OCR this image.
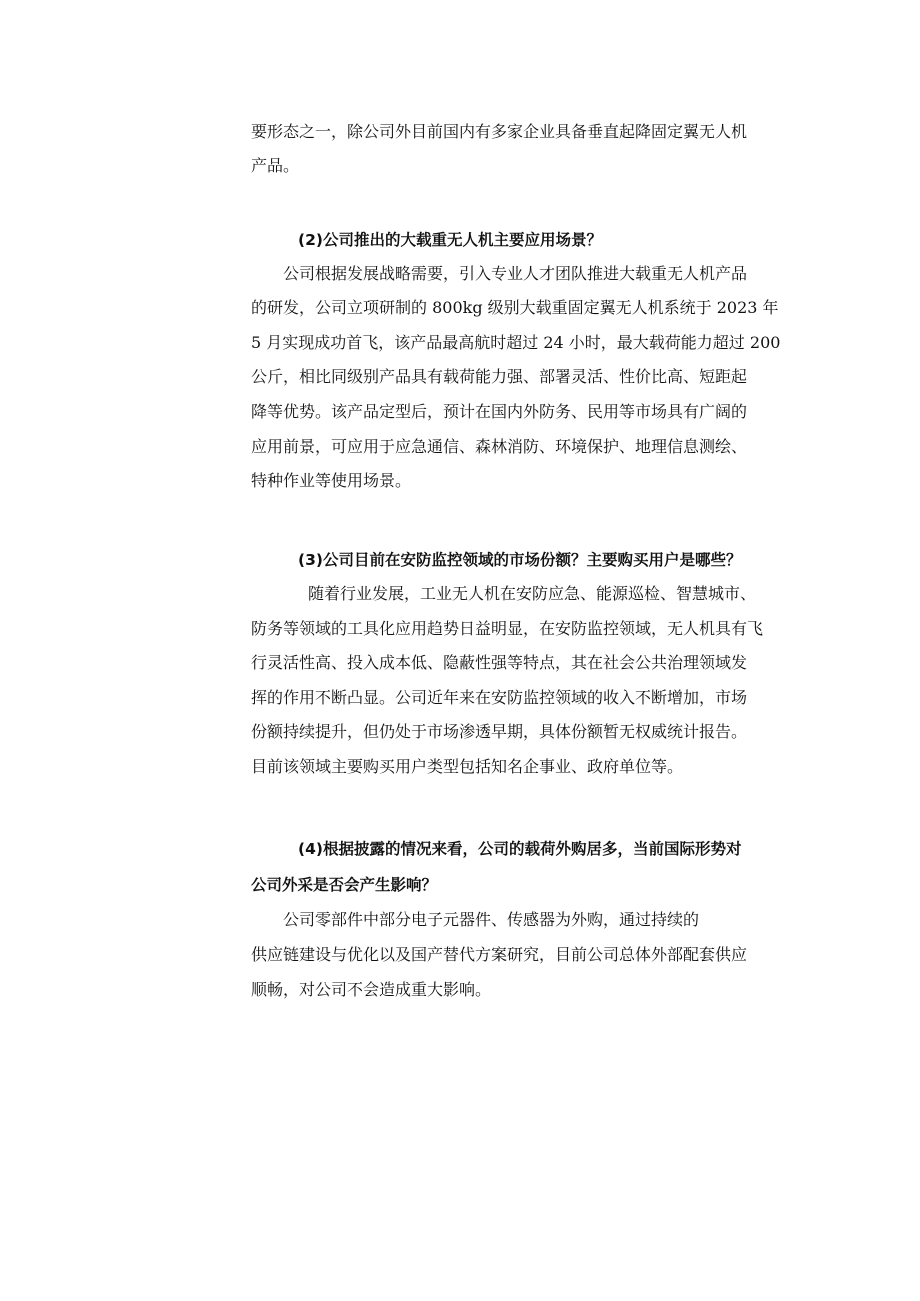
要形态之一，除公司外目前国内有多家企业具备垂直起降固定翼无人机
产品。
(2)公司推出的大载重无人机主要应用场景？
公司根据发展战略需要，引入专业人才团队推进大载重无人机产品
的研发，公司立项研制的 800kg 级别大载重固定翼无人机系统于 2023 年
5 月实现成功首飞，该产品最高航时超过 24 小时，最大载荷能力超过 200
公斤，相比同级别产品具有载荷能力强、部署灵活、性价比高、短距起
降等优势。该产品定型后，预计在国内外防务、民用等市场具有广阔的
应用前景，可应用于应急通信、森林消防、环境保护、地理信息测绘、
特种作业等使用场景。
(3)公司目前在安防监控领域的市场份额？主要购买用户是哪些？
随着行业发展，工业无人机在安防应急、能源巡检、智慧城市、
防务等领域的工具化应用趋势日益明显，在安防监控领域，无人机具有飞
行灵活性高、投入成本低、隐蔽性强等特点，其在社会公共治理领域发
挥的作用不断凸显。公司近年来在安防监控领域的收入不断增加，市场
份额持续提升，但仍处于市场渗透早期，具体份额暂无权威统计报告。
目前该领域主要购买用户类型包括知名企事业、政府单位等。
(4)根据披露的情况来看，公司的载荷外购居多，当前国际形势对
公司外采是否会产生影响？
公司零部件中部分电子元器件、传感器为外购，通过持续的
供应链建设与优化以及国产替代方案研究，目前公司总体外部配套供应
顺畅，对公司不会造成重大影响。
